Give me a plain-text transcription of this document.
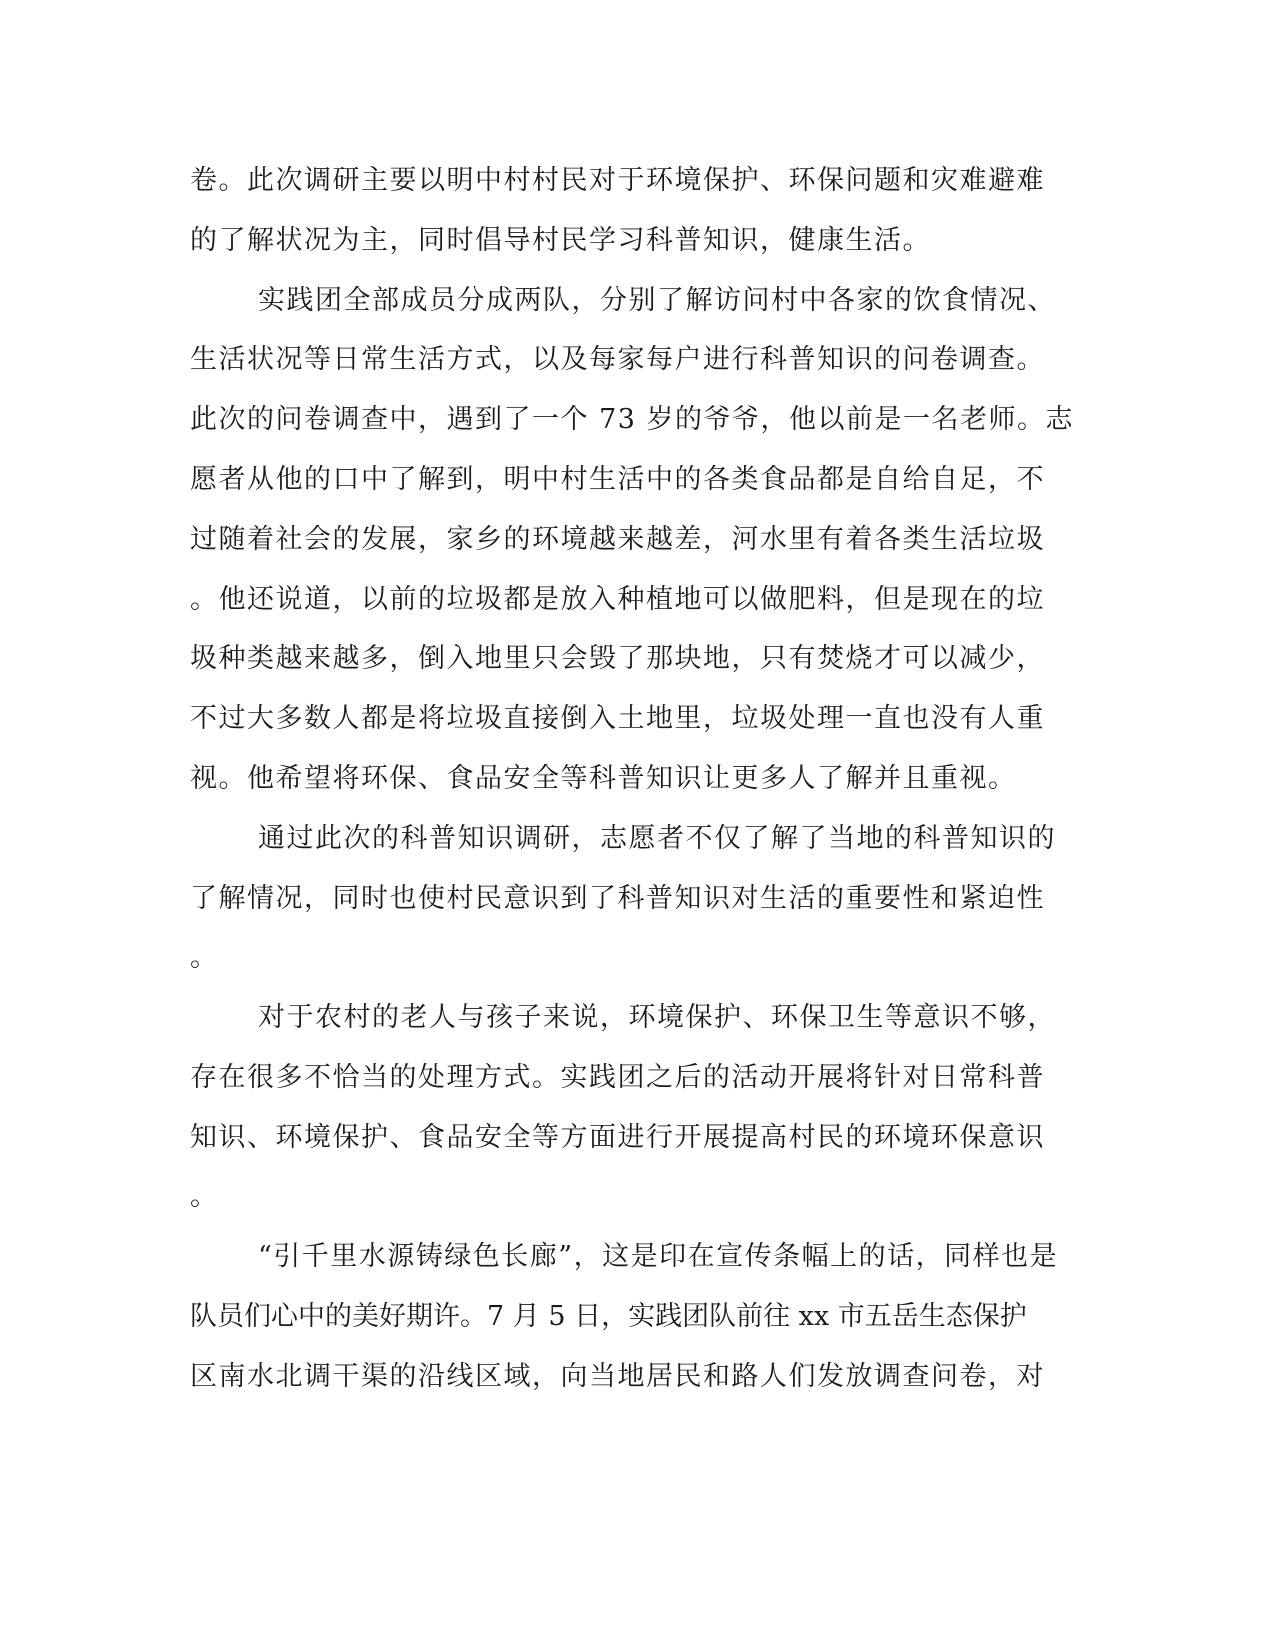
卷。此次调研主要以明中村村民对于环境保护、环保问题和灾难避难
的了解状况为主，同时倡导村民学习科普知识，健康生活。
实践团全部成员分成两队，分别了解访问村中各家的饮食情况、
生活状况等日常生活方式，以及每家每户进行科普知识的问卷调查。
此次的问卷调查中，遇到了一个 73 岁的爷爷，他以前是一名老师。志
愿者从他的口中了解到，明中村生活中的各类食品都是自给自足，不
过随着社会的发展，家乡的环境越来越差，河水里有着各类生活垃圾
。他还说道，以前的垃圾都是放入种植地可以做肥料，但是现在的垃
圾种类越来越多，倒入地里只会毁了那块地，只有焚烧才可以减少，
不过大多数人都是将垃圾直接倒入土地里，垃圾处理一直也没有人重
视。他希望将环保、食品安全等科普知识让更多人了解并且重视。
通过此次的科普知识调研，志愿者不仅了解了当地的科普知识的
了解情况，同时也使村民意识到了科普知识对生活的重要性和紧迫性
。
对于农村的老人与孩子来说，环境保护、环保卫生等意识不够，
存在很多不恰当的处理方式。实践团之后的活动开展将针对日常科普
知识、环境保护、食品安全等方面进行开展提高村民的环境环保意识
。
“引千里水源铸绿色长廊”，这是印在宣传条幅上的话，同样也是
队员们心中的美好期许。7 月 5 日，实践团队前往 xx 市五岳生态保护
区南水北调干渠的沿线区域，向当地居民和路人们发放调查问卷，对
